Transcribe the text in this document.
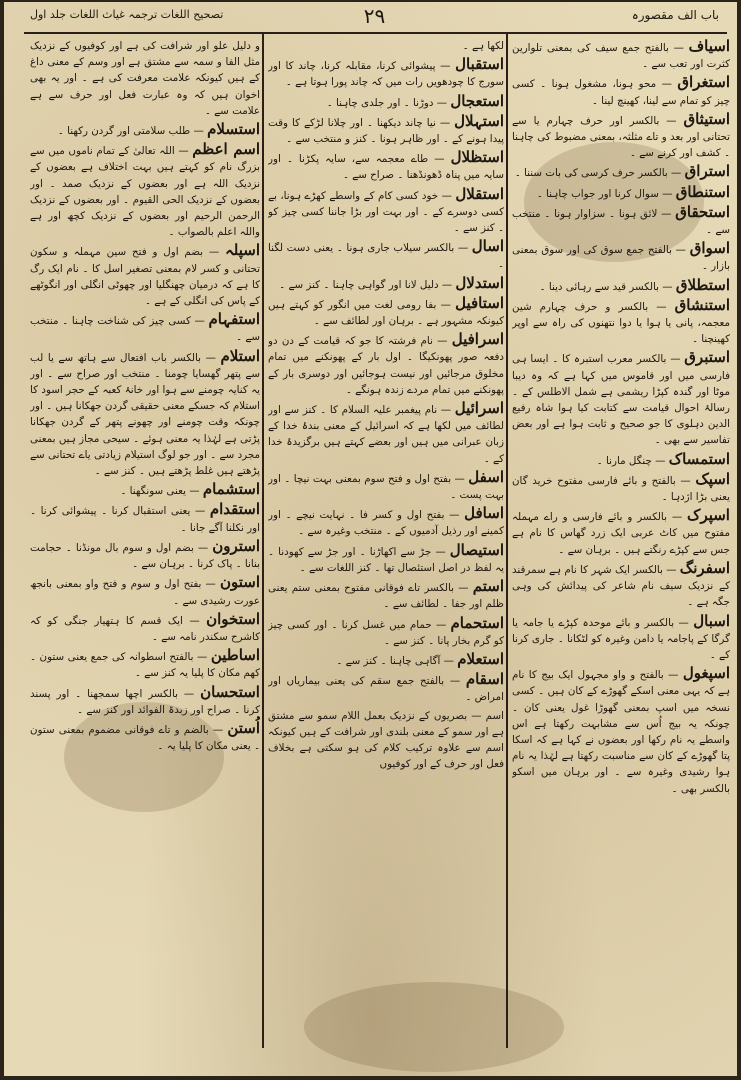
باب الف مقصورہ
۲۹
تصحیح اللغات ترجمہ غیاث اللغات جلد اول
اسیاف — بالفتح جمع سیف کی بمعنی تلوارین کثرت اور تعب سے ۔
استغراق — محو ہونا، مشغول ہونا ۔ کسی چیز کو تمام سے لینا، کھینچ لینا ۔
استیثاق — بالکسر اور حرف چہارم یا سے تحتانی اور بعد و تاے مثلثہ، بمعنی مضبوط کی چاہنا ۔ کشف اور کرنے سے ۔
استراق — بالکسر حرف کرسی کی بات سننا ۔
استنطاق — سوال کرنا اور جواب چاہنا ۔
استحقاق — لائق ہونا ۔ سزاوار ہونا ۔ منتخب سے ۔
اسواق — بالفتح جمع سوق کی اور سوق بمعنی بازار ۔
استطلاق — بالکسر قید سے رہائی دینا ۔
استنشاق — بالکسر و حرف چہارم شین معجمہ، پانی یا ہوا یا دوا نتھنوں کی راہ سے اوپر کھینچنا ۔
استبرق — بالکسر معرب استبرہ کا ۔ ایسا ہی فارسی میں اور قاموس میں کہا ہے کہ وہ دیبا موٹا اور گندہ کپڑا ریشمی ہے شمل الاطلس کے ۔ رسالۂ احوال قیامت سے کتابت کیا ہوا شاہ رفیع الدین دہلوی کا جو صحیح و ثابت ہوا ہے اور بعض تفاسیر سے بھی ۔
استمساک — چنگل مارنا ۔
اسپک — بالفتح و بائے فارسی مفتوح خرید گان یعنی بڑا اژدہا ۔
اسپرک — بالکسر و بائے فارسی و راے مہملہ مفتوح میں کاٹ عربی ایک زرد گھاس کا نام ہے جس سے کپڑے رنگتے ہیں ۔ برہان سے ۔
اسفرنگ — بالکسر ایک شہر کا نام ہے سمرقند کے نزدیک سیف نام شاعر کی پیدائش کی وہی جگہ ہے ۔
اسبال — بالکسر و بائے موحدہ کپڑے یا جامہ یا گرگا کے پاجامہ یا دامن وغیرہ کو لٹکانا ۔ جاری کرنا کے ۔
اسپغول — بالفتح و واو مجہول ایک بیج کا نام ہے کہ یہی معنی اسکے گھوڑے کے کان ہیں ۔ کسی نسخہ میں اسپ بمعنی گھوڑا غول یعنی کان ۔ چونکہ یہ بیج اُس سے مشابہت رکھتا ہے اس واسطے یہ نام رکھا اور بعضوں نے کہا ہے کہ اسکا پتا گھوڑے کے کان سے مناسبت رکھتا ہے لہٰذا یہ نام ہوا رشیدی وغیرہ سے ۔ اور برہان میں اسکو بالکسر بھی ۔
لکھا ہے ۔
استقبال — پیشوائی کرنا، مقابلہ کرنا، چاند کا اور سورج کا چودھویں رات میں کہ چاند پورا ہوتا ہے ۔
استعجال — دوڑنا ۔ اور جلدی چاہنا ۔
استہلال — نیا چاند دیکھنا ۔ اور چلانا لڑکے کا وقت پیدا ہونے کے ۔ اور ظاہر ہونا ۔ کنز و منتخب سے ۔
استظلال — طاے معجمہ سے، سایہ پکڑنا ۔ اور سایہ میں پناہ ڈھونڈھنا ۔ صراح سے ۔
استقلال — خود کسی کام کے واسطے کھڑے ہونا، بے کسی دوسرے کے ۔ اور بہت اور بڑا جاننا کسی چیز کو ۔ کنز سے ۔
اسال — بالکسر سیلاب جاری ہونا ۔ یعنی دست لگنا ۔
استدلال — دلیل لانا اور گواہی چاہنا ۔ کنز سے ۔
استافیل — بفا رومی لغت میں انگور کو کہتے ہیں کیونکہ مشہور ہے ۔ برہان اور لطائف سے ۔
اسرافیل — نام فرشتہ کا جو کہ قیامت کے دن دو دفعہ صور پھونکیگا ۔ اول بار کے پھونکنے میں تمام مخلوق مرجائیں اور نیست ہوجائیں اور دوسری بار کے پھونکنے میں تمام مردے زندہ ہونگے ۔
اسرائیل — نام پیغمبر علیہ السلام کا ۔ کنز سے اور لطائف میں لکھا ہے کہ اسرائیل کے معنی بندۂ خدا کے زبان عبرانی میں ہیں اور بعضے کہتے ہیں برگزیدۂ خدا کے ۔
اسفل — بفتح اول و فتح سوم بمعنی بہت نیچا ۔ اور بہت پست ۔
اسافل — بفتح اول و کسر فا ۔ نہایت نیچے ۔ اور کمینے اور رذیل آدمیوں کے ۔ منتخب وغیرہ سے ۔
استیصال — جڑ سے اکھاڑنا ۔ اور جڑ سے کھودنا ۔ یہ لفظ در اصل استئصال تھا ۔ کنز اللغات سے ۔
استم — بالکسر تاے فوقانی مفتوح بمعنی ستم یعنی ظلم اور جفا ۔ لطائف سے ۔
استحمام — حمام میں غسل کرنا ۔ اور کسی چیز کو گرم بخار پانا ۔ کنز سے ۔
استعلام — آگاہی چاہنا ۔ کنز سے ۔
اسقام — بالفتح جمع سقم کی یعنی بیماریاں اور امراض ۔
اسم — بصریوں کے نزدیک بعمل اللام سمو سے مشتق ہے اور سمو کے معنی بلندی اور شرافت کے ہیں کیونکہ اسم سے علاوہ ترکیب کلام کی ہو سکتی ہے بخلاف فعل اور حرف کے اور کوفیوں
و دلیل علو اور شرافت کی ہے اور کوفیوں کے نزدیک مثل الفا و سمہ سے مشتق ہے اور وسم کے معنی داغ کے ہیں کیونکہ علامت معرفت کی ہے ۔ اور یہ بھی اخوان ہیں کہ وہ عبارت فعل اور حرف سے ہے علامت سے ۔
استسلام — طلب سلامتی اور گردن رکھنا ۔
اسم اعظم — اللہ تعالیٰ کے تمام ناموں میں سے بزرگ نام کو کہتے ہیں بہت اختلاف ہے بعضوں کے نزدیک اللہ ہے اور بعضوں کے نزدیک صمد ۔ اور بعضوں کے نزدیک الحی القیوم ۔ اور بعضوں کے نزدیک الرحمن الرحیم اور بعضوں کے نزدیک کچھ اور ہے واللہ اعلم بالصواب ۔
اسپلہ — بضم اول و فتح سین مہملہ و سکون تحتانی و کسر لام بمعنی تصغیر اسل کا ۔ نام ایک رگ کا ہے کہ درمیان چھنگلیا اور چھوٹی انگلی اور انگوٹھے کے پاس کی انگلی کے ہے ۔
استفہام — کسی چیز کی شناخت چاہنا ۔ منتخب سے ۔
استلام — بالکسر باب افتعال سے ہاتھ سے یا لب سے پتھر گھسایا چومنا ۔ منتخب اور صراح سے ۔ اور یہ کنایہ چومنے سے ہوا اور خانۂ کعبہ کے حجر اسود کا استلام کہ جسکے معنی حقیقی گردن جھکانا ہیں ۔ اور چونکہ وقت چومنے اور چھونے پتھر کے گردن جھکانا پڑتی ہے لہٰذا یہ معنی ہوئے ۔ سیحی مجاز ہیں بمعنی مجرد سے ۔ اور جو لوگ استیلام زیادتی یاے تحتانی سے پڑھتے ہیں غلط پڑھتے ہیں ۔ کنز سے ۔
استشمام — یعنی سونگھنا ۔
استقدام — یعنی استقبال کرنا ۔ پیشوائی کرنا ۔ اور نکلنا آگے جانا ۔
استرون — بضم اول و سوم بال مونڈنا ۔ حجامت بنانا ۔ پاک کرنا ۔ برہان سے ۔
استون — بفتح اول و سوم و فتح واو بمعنی بانجھ عورت رشیدی سے ۔
استخوان — ایک قسم کا ہتھیار جنگی کو کہ کاشرح سکندر نامہ سے ۔
اساطین — بالفتح اسطوانہ کی جمع یعنی ستون ۔ کھم مکان کا پلیا یہ کنز سے ۔
استحسان — بالکسر اچھا سمجھنا ۔ اور پسند کرنا ۔ صراح اور زبدۃ الفوائد اور کنز سے ۔
اُستن — بالضم و تاے فوقانی مضموم بمعنی ستون ۔ یعنی مکان کا پلیا یہ ۔
